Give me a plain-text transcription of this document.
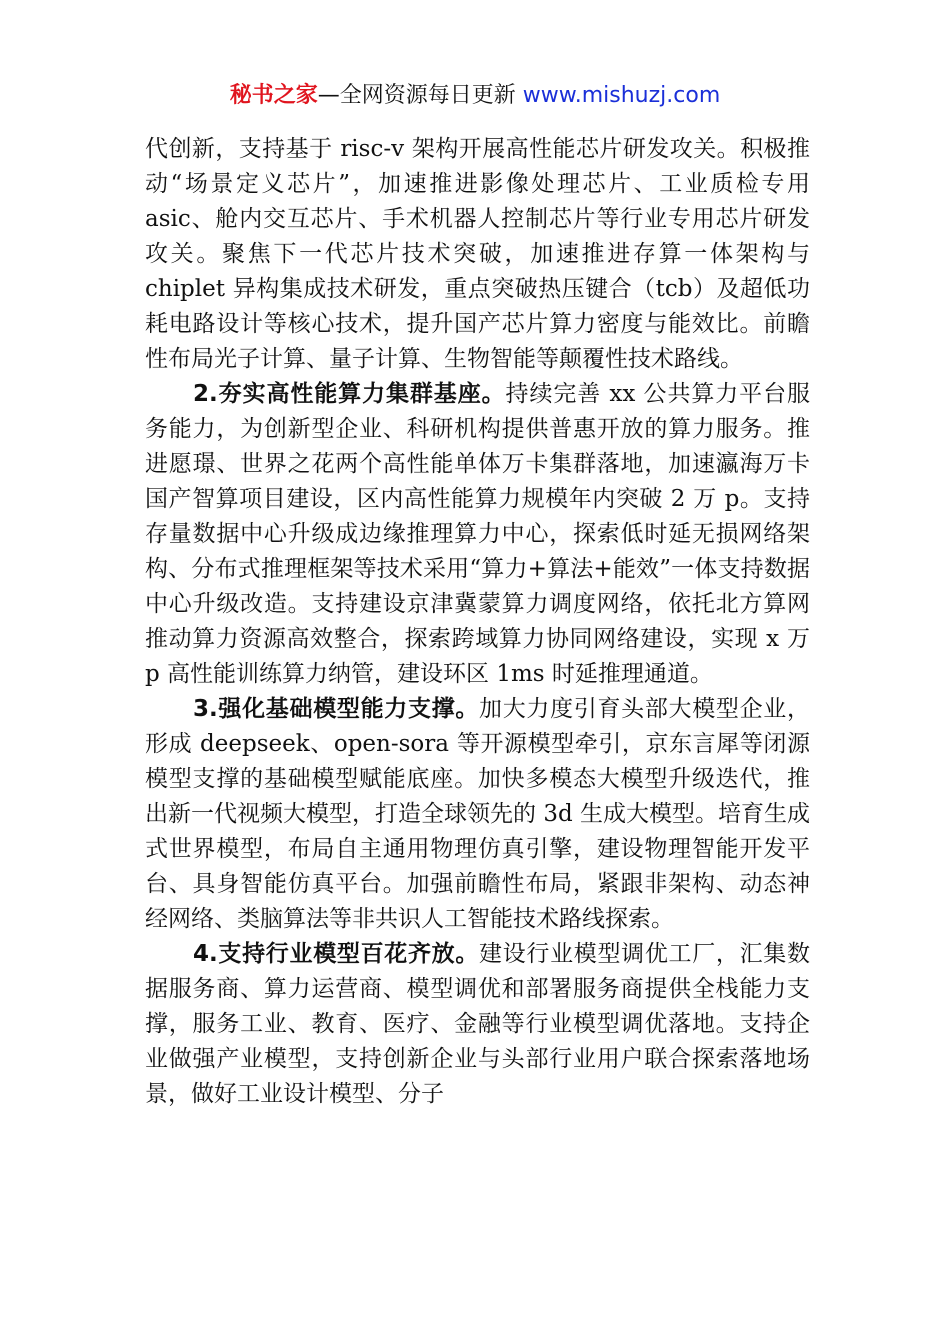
秘书之家—全网资源每日更新 www.mishuzj.com

代创新，支持基于 risc-v 架构开展高性能芯片研发攻关。积极推动“场景定义芯片”，加速推进影像处理芯片、工业质检专用 asic、舱内交互芯片、手术机器人控制芯片等行业专用芯片研发攻关。聚焦下一代芯片技术突破，加速推进存算一体架构与 chiplet 异构集成技术研发，重点突破热压键合（tcb）及超低功耗电路设计等核心技术，提升国产芯片算力密度与能效比。前瞻性布局光子计算、量子计算、生物智能等颠覆性技术路线。

2.夯实高性能算力集群基座。持续完善 xx 公共算力平台服务能力，为创新型企业、科研机构提供普惠开放的算力服务。推进愿璟、世界之花两个高性能单体万卡集群落地，加速瀛海万卡国产智算项目建设，区内高性能算力规模年内突破 2 万 p。支持存量数据中心升级成边缘推理算力中心，探索低时延无损网络架构、分布式推理框架等技术采用“算力+算法+能效”一体支持数据中心升级改造。支持建设京津冀蒙算力调度网络，依托北方算网推动算力资源高效整合，探索跨域算力协同网络建设，实现 x 万 p 高性能训练算力纳管，建设环区 1ms 时延推理通道。

3.强化基础模型能力支撑。加大力度引育头部大模型企业，形成 deepseek、open-sora 等开源模型牵引，京东言犀等闭源模型支撑的基础模型赋能底座。加快多模态大模型升级迭代，推出新一代视频大模型，打造全球领先的 3d 生成大模型。培育生成式世界模型，布局自主通用物理仿真引擎，建设物理智能开发平台、具身智能仿真平台。加强前瞻性布局，紧跟非架构、动态神经网络、类脑算法等非共识人工智能技术路线探索。

4.支持行业模型百花齐放。建设行业模型调优工厂，汇集数据服务商、算力运营商、模型调优和部署服务商提供全栈能力支撑，服务工业、教育、医疗、金融等行业模型调优落地。支持企业做强产业模型，支持创新企业与头部行业用户联合探索落地场景，做好工业设计模型、分子
